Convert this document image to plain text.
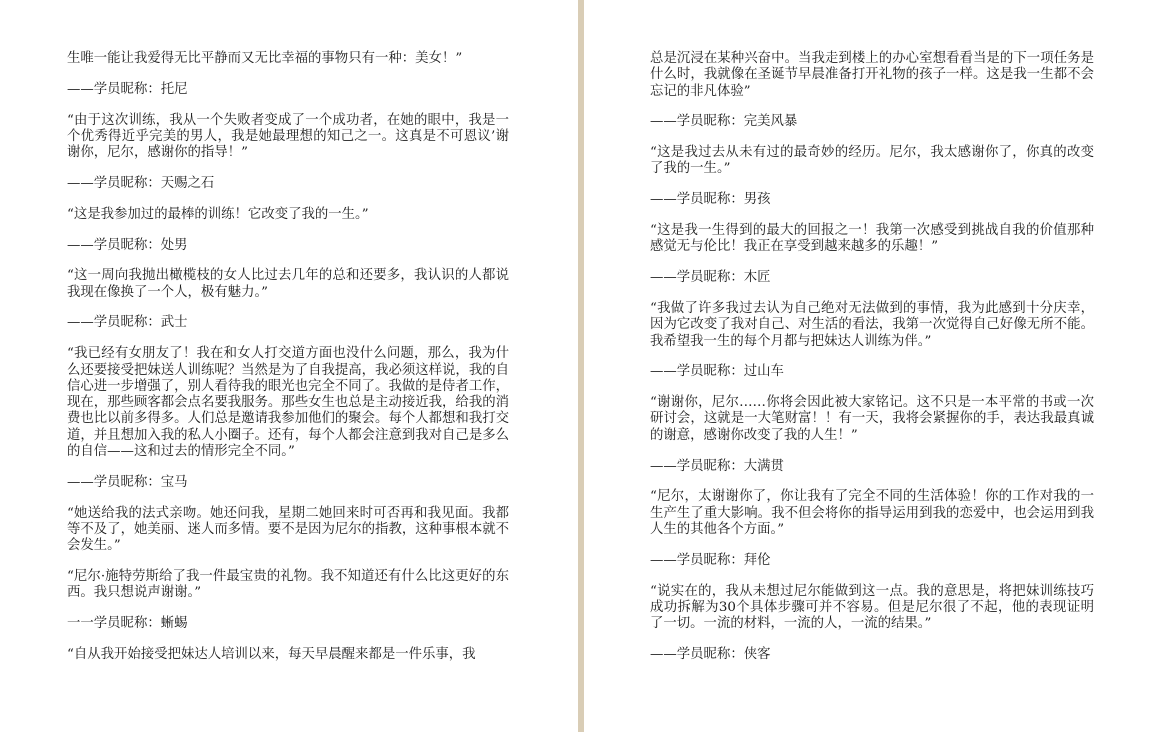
生唯一能让我爱得无比平静而又无比幸福的事物只有一种：美女！”

——学员昵称：托尼

“由于这次训练，我从一个失败者变成了一个成功者，在她的眼中，我是一个优秀得近乎完美的男人，我是她最理想的知己之一。这真是不可恩议’谢谢你，尼尔，感谢你的指导！”

——学员昵称：天赐之石

“这是我参加过的最棒的训练！它改变了我的一生。”

——学员昵称：处男

“这一周向我抛出橄榄枝的女人比过去几年的总和还要多，我认识的人都说我现在像换了一个人，极有魅力。”

——学员昵称：武士

“我已经有女朋友了！我在和女人打交道方面也没什么问题，那么，我为什么还要接受把妹送人训练呢？当然是为了自我提高，我必须这样说，我的自信心进一步增强了，别人看待我的眼光也完全不同了。我做的是侍者工作，现在，那些顾客都会点名要我服务。那些女生也总是主动接近我，给我的消费也比以前多得多。人们总是邀请我参加他们的聚会。每个人都想和我打交道，并且想加入我的私人小圈子。还有，每个人都会注意到我对自己是多么的自信——这和过去的情形完全不同。”

——学员昵称：宝马

“她送给我的法式亲吻。她还问我，星期二她回来时可否再和我见面。我都等不及了，她美丽、迷人而多情。要不是因为尼尔的指教，这种事根本就不会发生。”

“尼尔·施特劳斯给了我一件最宝贵的礼物。我不知道还有什么比这更好的东西。我只想说声谢谢。”

一一学员昵称：蜥蜴

“自从我开始接受把妹达人培训以来，每天早晨醒来都是一件乐事，我

总是沉浸在某种兴奋中。当我走到楼上的办心室想看看当是的下一项任务是什么时，我就像在圣诞节早晨准备打开礼物的孩子一样。这是我一生都不会忘记的非凡体验”

——学员昵称：完美风暴

“这是我过去从未有过的最奇妙的经历。尼尔，我太感谢你了，你真的改变了我的一生。”

——学员昵称：男孩

“这是我一生得到的最大的回报之一！我第一次感受到挑战自我的价值那种感觉无与伦比！我正在享受到越来越多的乐趣！”

——学员昵称：木匠

“我做了许多我过去认为自己绝对无法做到的事情，我为此感到十分庆幸，因为它改变了我对自己、对生活的看法，我第一次觉得自己好像无所不能。我希望我一生的每个月都与把妹达人训练为伴。”

——学员昵称：过山车

“谢谢你，尼尔……你将会因此被大家铭记。这不只是一本平常的书或一次研讨会，这就是一大笔财富！！有一天，我将会紧握你的手，表达我最真诚的谢意，感谢你改变了我的人生！”

——学员昵称：大满贯

“尼尔，太谢谢你了，你让我有了完全不同的生活体验！你的工作对我的一生产生了重大影响。我不但会将你的指导运用到我的恋爱中，也会运用到我人生的其他各个方面。”

——学员昵称：拜伦

“说实在的，我从未想过尼尔能做到这一点。我的意思是，将把妹训练技巧成功拆解为30个具体步骤可并不容易。但是尼尔很了不起，他的表现证明了一切。一流的材料，一流的人，一流的结果。”

——学员昵称：侠客
